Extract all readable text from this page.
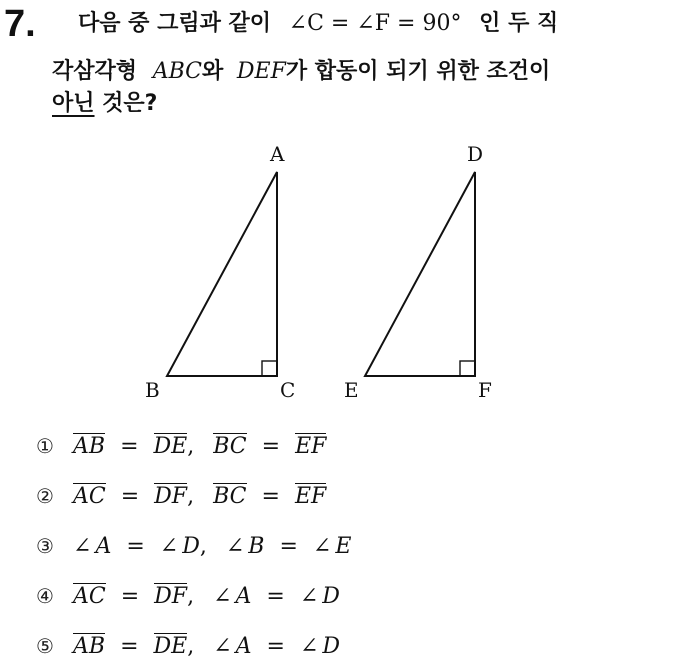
7. 다음 중 그림과 같이 ∠C = ∠F = 90° 인 두 직
각삼각형 ABC와 DEF가 합동이 되기 위한 조건이
아닌 것은?
A
B	C
D
E	F
① AB = DE, BC = EF
② AC = DF, BC = EF
③ ∠ A = ∠ D, ∠ B = ∠ E
④ AC = DF, ∠ A = ∠ D
⑤ AB = DE, ∠ A = ∠ D
